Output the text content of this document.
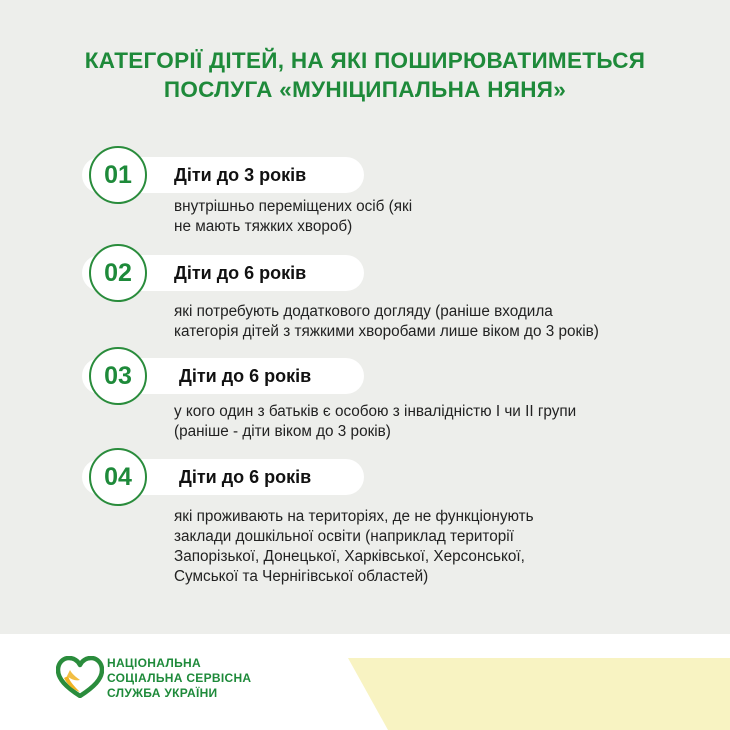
КАТЕГОРІЇ ДІТЕЙ, НА ЯКІ ПОШИРЮВАТИМЕТЬСЯ
ПОСЛУГА «МУНІЦИПАЛЬНА НЯНЯ»
01	Діти до 3 років
внутрішньо переміщених осіб (які
не мають тяжких хвороб)
02	Діти до 6 років
які потребують додаткового догляду (раніше входила
категорія дітей з тяжкими хворобами лише віком до 3 років)
03	Діти до 6 років
у кого один з батьків є особою з інвалідністю І чи ІІ групи
(раніше - діти віком до 3 років)
04	Діти до 6 років
які проживають на територіях, де не функціонують
заклади дошкільної освіти (наприклад території
Запорізької, Донецької, Харківської, Херсонської,
Сумської та Чернігівської областей)
НАЦІОНАЛЬНА
СОЦІАЛЬНА СЕРВІСНА
СЛУЖБА УКРАЇНИ
